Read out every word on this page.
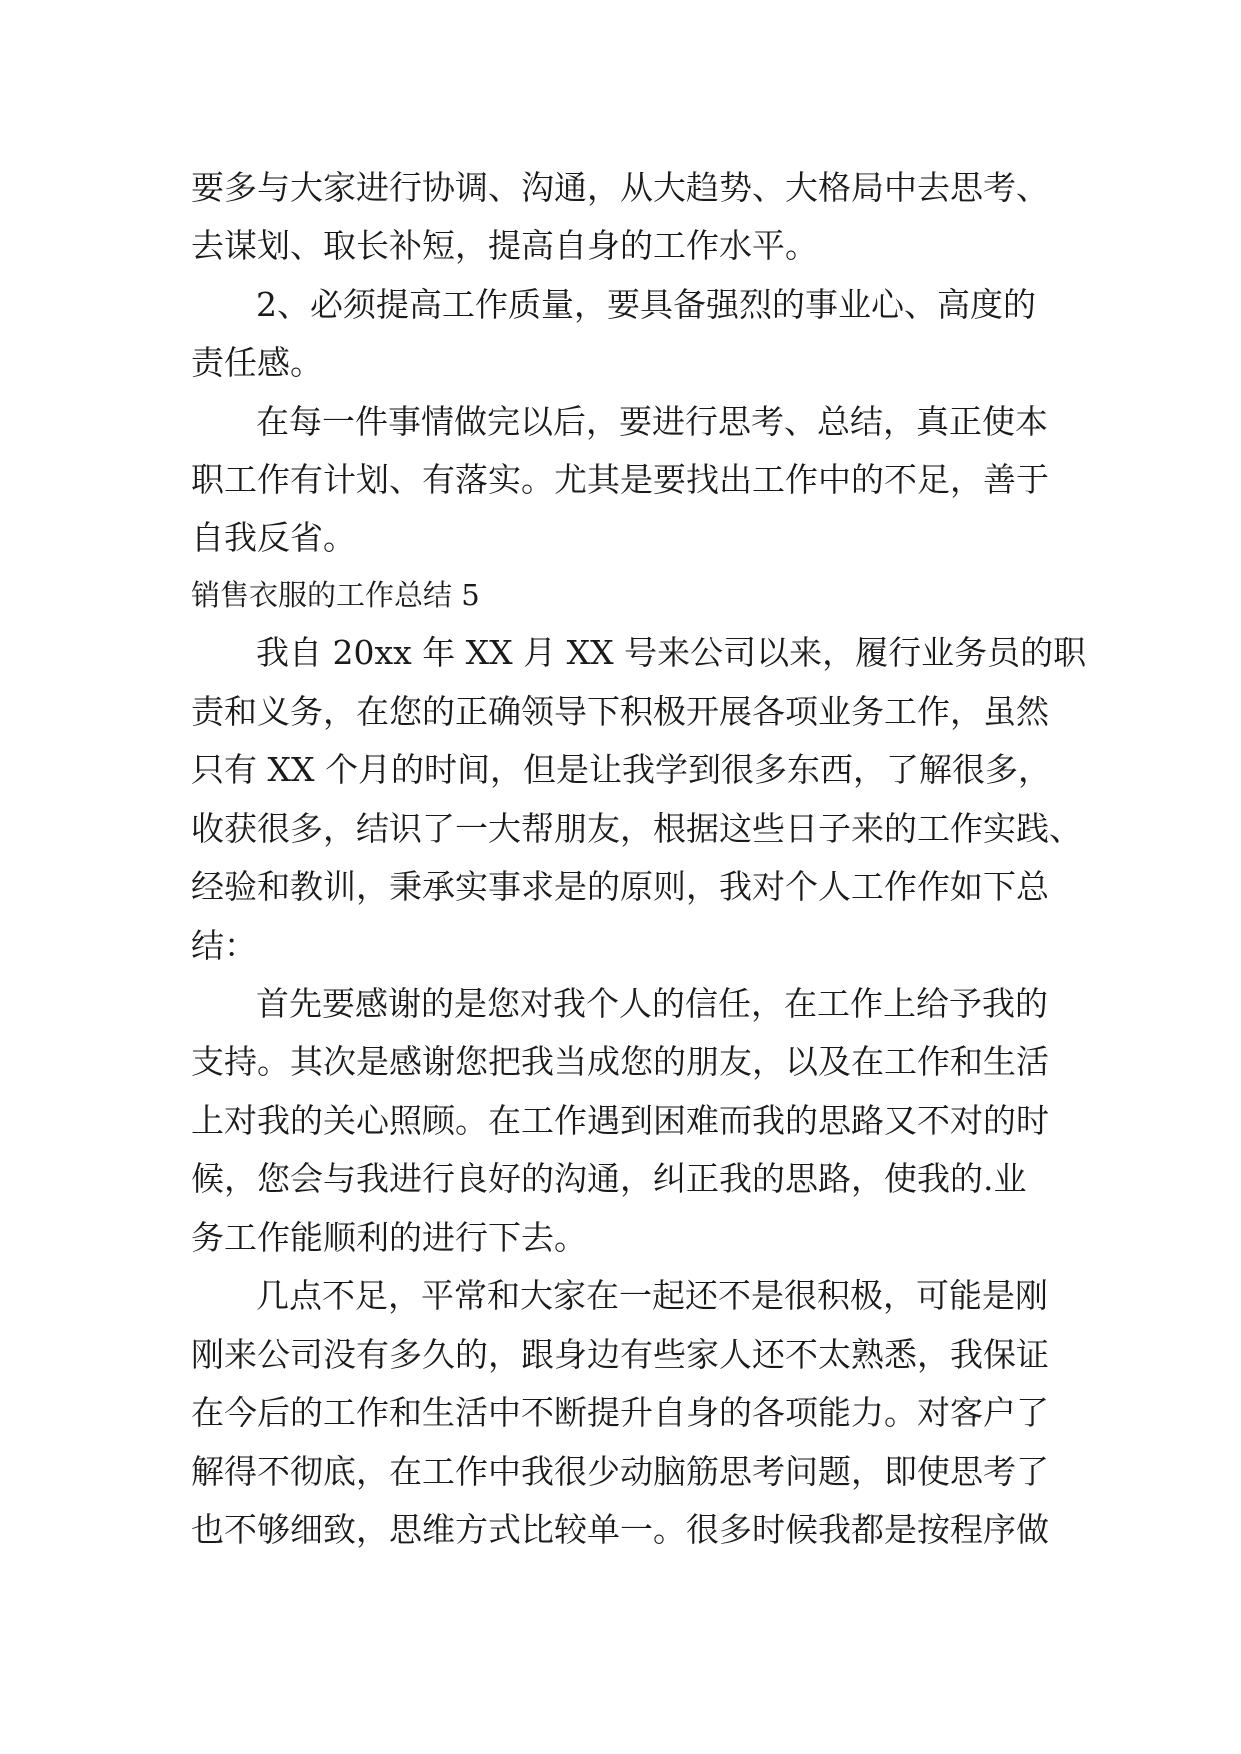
要多与大家进行协调、沟通，从大趋势、大格局中去思考、
去谋划、取长补短，提高自身的工作水平。
2、必须提高工作质量，要具备强烈的事业心、高度的
责任感。
在每一件事情做完以后，要进行思考、总结，真正使本
职工作有计划、有落实。尤其是要找出工作中的不足，善于
自我反省。
销售衣服的工作总结 5
我自 20xx 年 XX 月 XX 号来公司以来，履行业务员的职
责和义务，在您的正确领导下积极开展各项业务工作，虽然
只有 XX 个月的时间，但是让我学到很多东西，了解很多，
收获很多，结识了一大帮朋友，根据这些日子来的工作实践、
经验和教训，秉承实事求是的原则，我对个人工作作如下总
结：
首先要感谢的是您对我个人的信任，在工作上给予我的
支持。其次是感谢您把我当成您的朋友，以及在工作和生活
上对我的关心照顾。在工作遇到困难而我的思路又不对的时
候，您会与我进行良好的沟通，纠正我的思路，使我的.业
务工作能顺利的进行下去。
几点不足，平常和大家在一起还不是很积极，可能是刚
刚来公司没有多久的，跟身边有些家人还不太熟悉，我保证
在今后的工作和生活中不断提升自身的各项能力。对客户了
解得不彻底，在工作中我很少动脑筋思考问题，即使思考了
也不够细致，思维方式比较单一。很多时候我都是按程序做
